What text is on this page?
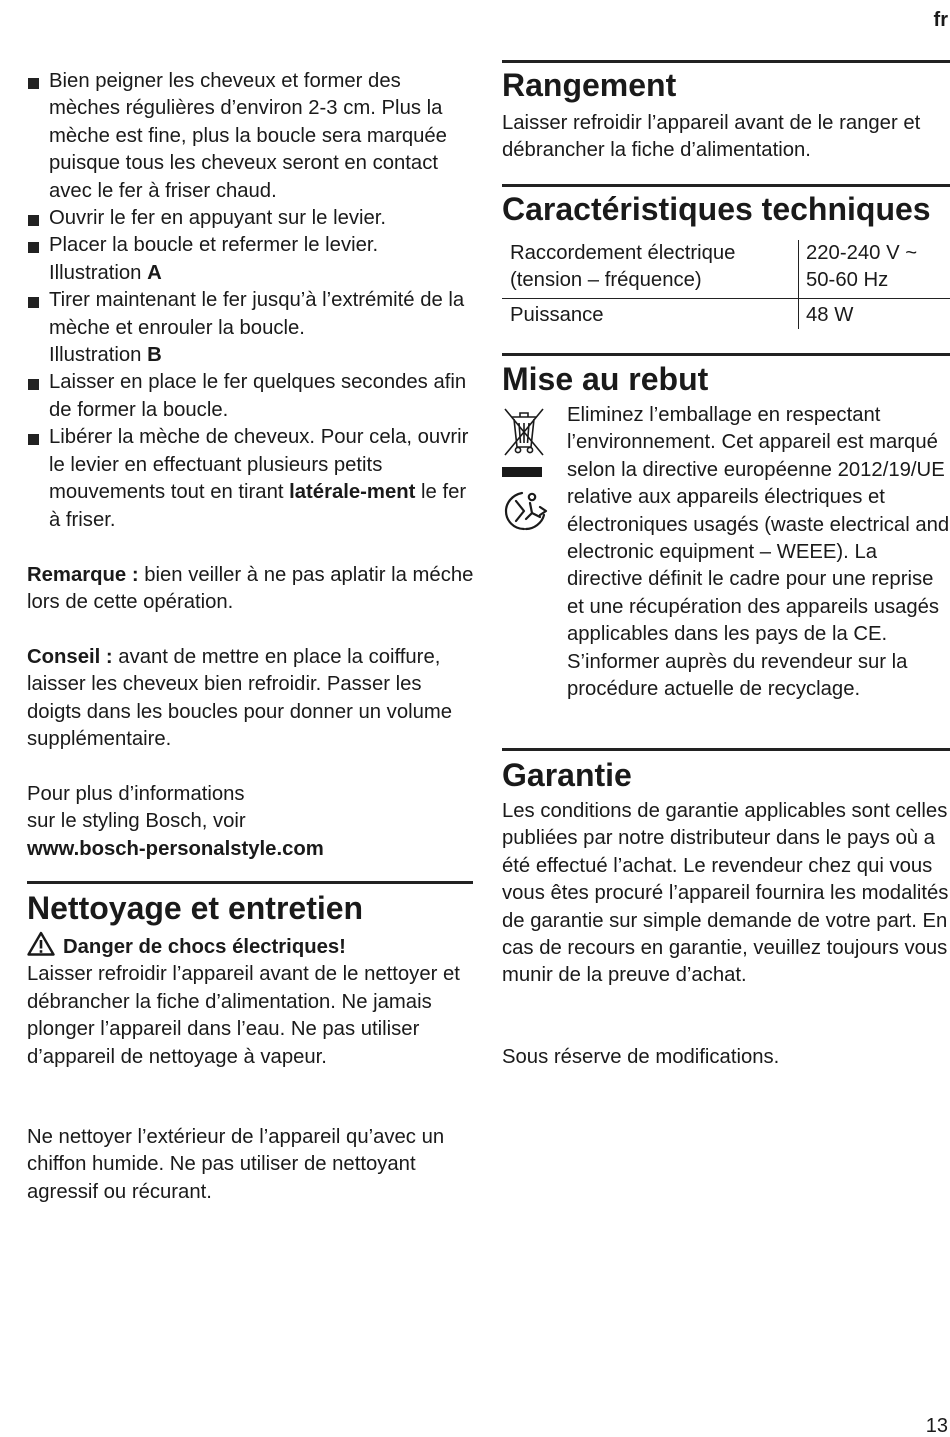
fr
Bien peigner les cheveux et former des mèches régulières d’environ 2-3 cm. Plus la mèche est fine, plus la boucle sera marquée puisque tous les cheveux seront en contact avec le fer à friser chaud.
Ouvrir le fer en appuyant sur le levier.
Placer la boucle et refermer le levier.
Illustration A
Tirer maintenant le fer jusqu’à l’extrémité de la mèche et enrouler la boucle.
Illustration B
Laisser en place le fer quelques secondes afin de former la boucle.
Libérer la mèche de cheveux. Pour cela, ouvrir le levier en effectuant plusieurs petits mouvements tout en tirant latérale-ment le fer à friser.

Remarque : bien veiller à ne pas aplatir la méche lors de cette opération.

Conseil : avant de mettre en place la coiffure, laisser les cheveux bien refroidir. Passer les doigts dans les boucles pour donner un volume supplémentaire.

Pour plus d’informations
sur le styling Bosch, voir
www.bosch-personalstyle.com

Nettoyage et entretien
Danger de chocs électriques!
Laisser refroidir l’appareil avant de le nettoyer et débrancher la fiche d’alimentation. Ne jamais plonger l’appareil dans l’eau. Ne pas utiliser d’appareil de nettoyage à vapeur.

Ne nettoyer l’extérieur de l’appareil qu’avec un chiffon humide. Ne pas utiliser de nettoyant agressif ou récurant.

Rangement

Laisser refroidir l’appareil avant de le ranger et débrancher la fiche d’alimentation.

Caractéristiques techniques
Raccordement électrique (tension – fréquence)	220-240 V ~ 50-60 Hz
Puissance	48 W
Mise au rebut

Eliminez l’emballage en respectant l’environnement. Cet appareil est marqué selon la directive européenne 2012/19/UE relative aux appareils électriques et électroniques usagés (waste electrical and electronic equipment – WEEE). La directive définit le cadre pour une reprise et une récupération des appareils usagés applicables dans les pays de la CE. S’informer auprès du revendeur sur la procédure actuelle de recyclage.

Garantie

Les conditions de garantie applicables sont celles publiées par notre distributeur dans le pays où a été effectué l’achat. Le revendeur chez qui vous vous êtes procuré l’appareil fournira les modalités de garantie sur simple demande de votre part. En cas de recours en garantie, veuillez toujours vous munir de la preuve d’achat.

Sous réserve de modifications.

13
